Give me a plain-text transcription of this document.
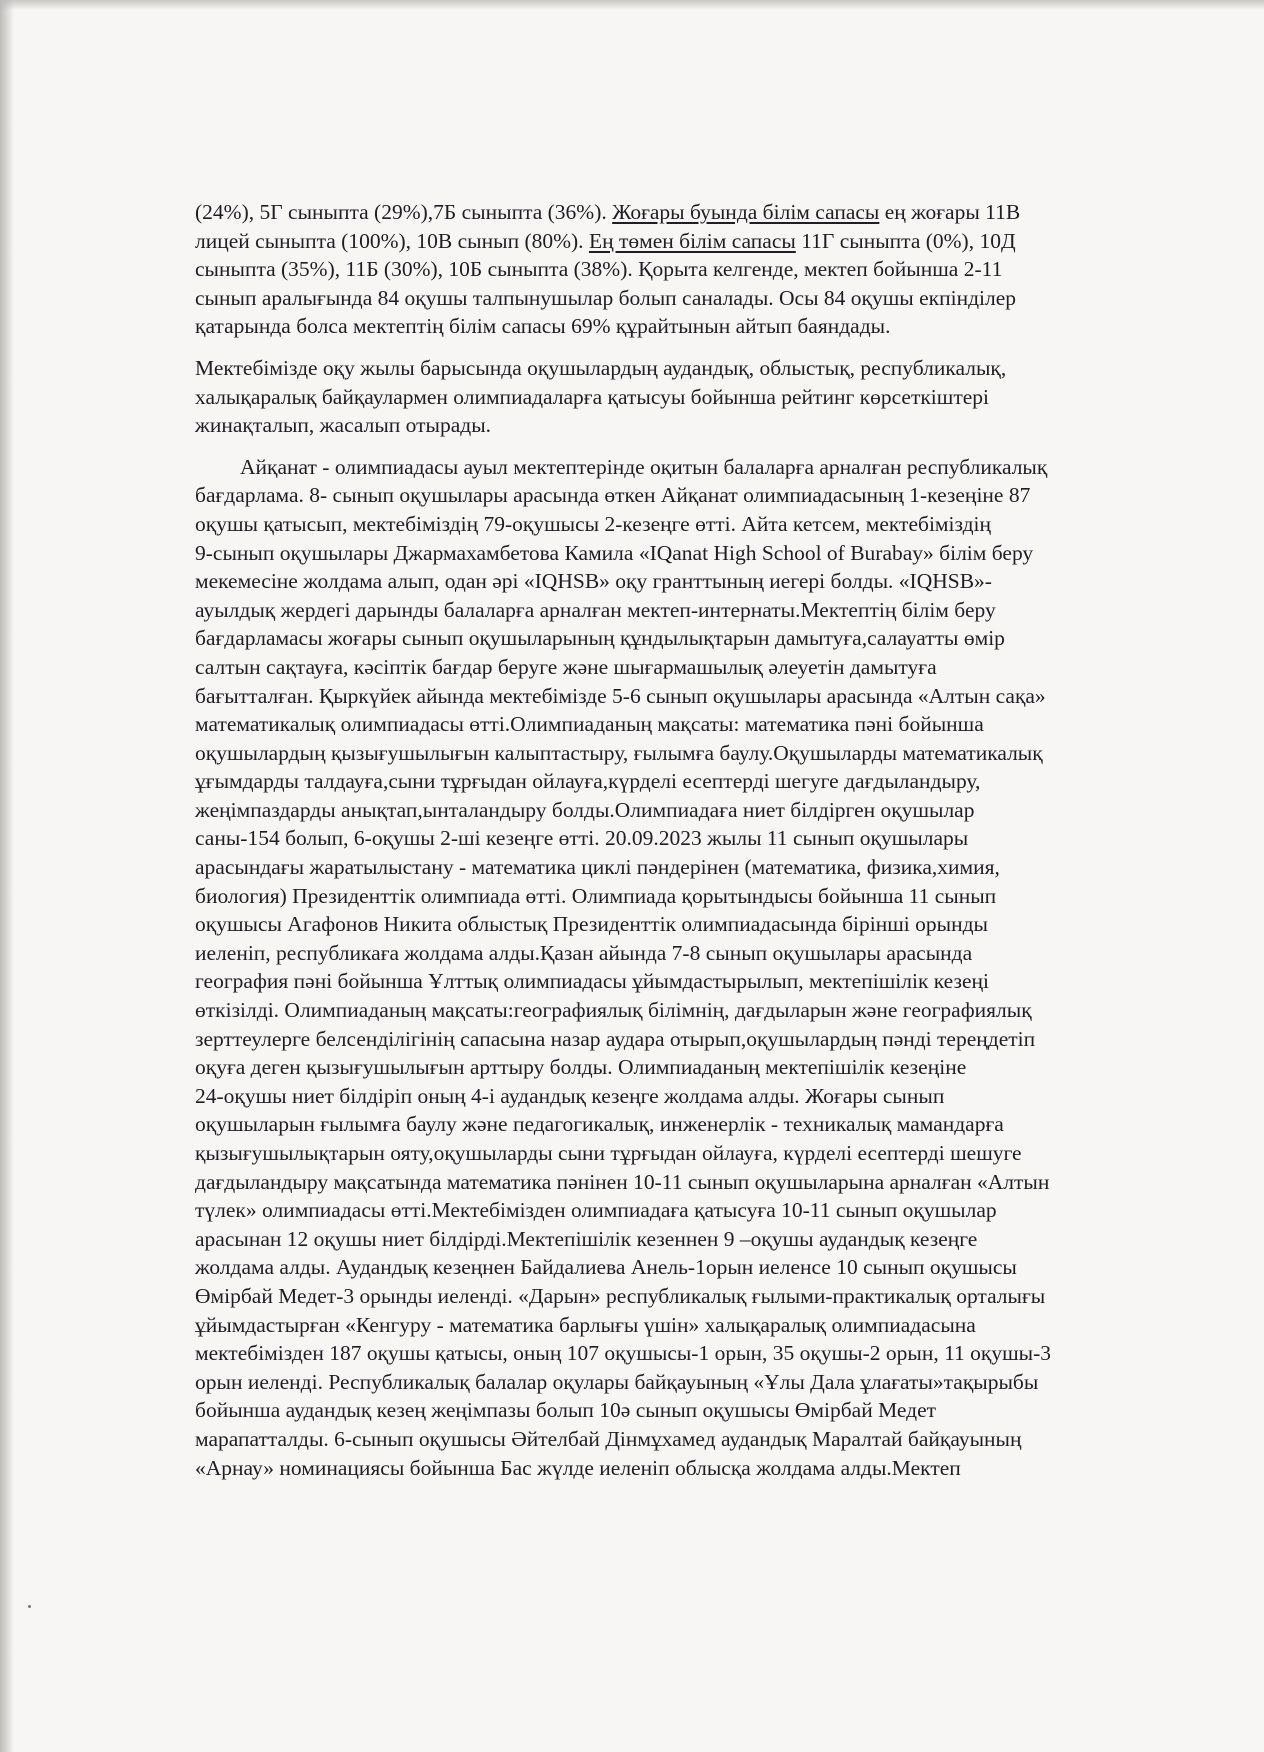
(24%), 5Г сыныпта (29%),7Б сыныпта (36%). Жоғары буында білім сапасы ең жоғары 11В
лицей сыныпта (100%), 10В сынып (80%). Ең төмен білім сапасы 11Г сыныпта (0%), 10Д
сыныпта (35%), 11Б (30%), 10Б сыныпта (38%). Қорыта келгенде, мектеп бойынша 2-11
сынып аралығында 84 оқушы талпынушылар болып саналады. Осы 84 оқушы екпінділер
қатарында болса мектептің білім сапасы 69% құрайтынын айтып баяндады.

Мектебімізде оқу жылы барысында оқушылардың аудандық, облыстық, республикалық,
халықаралық байқаулармен олимпиадаларға қатысуы бойынша рейтинг көрсеткіштері
жинақталып, жасалып отырады.

Айқанат - олимпиадасы ауыл мектептерінде оқитын балаларға арналған республикалық
бағдарлама. 8- сынып оқушылары арасында өткен Айқанат олимпиадасының 1-кезеңіне 87
оқушы қатысып, мектебіміздің 79-оқушысы 2-кезеңге өтті. Айта кетсем, мектебіміздің
9-сынып оқушылары Джармахамбетова Камила «IQanat High School of Burabay» білім беру
мекемесіне жолдама алып, одан әрі «IQHSB» оқу гранттының иегері болды. «IQHSB»-
ауылдық жердегі дарынды балаларға арналған мектеп-интернаты.Мектептің білім беру
бағдарламасы жоғары сынып оқушыларының құндылықтарын дамытуға,салауатты өмір
салтын сақтауға, кәсіптік бағдар беруге және шығармашылық әлеуетін дамытуға
бағытталған. Қыркүйек айында мектебімізде 5-6 сынып оқушылары арасында «Алтын сақа»
математикалық олимпиадасы өтті.Олимпиаданың мақсаты: математика пәні бойынша
оқушылардың қызығушылығын калыптастыру, ғылымға баулу.Оқушыларды математикалық
ұғымдарды талдауға,сыни тұрғыдан ойлауға,күрделі есептерді шегуге дағдыландыру,
жеңімпаздарды анықтап,ынталандыру болды.Олимпиадаға ниет білдірген оқушылар
саны-154 болып, 6-оқушы 2-ші кезеңге өтті. 20.09.2023 жылы 11 сынып оқушылары
арасындағы жаратылыстану - математика циклі пәндерінен (математика, физика,химия,
биология) Президенттік олимпиада өтті. Олимпиада қорытындысы бойынша 11 сынып
оқушысы Агафонов Никита облыстық Президенттік олимпиадасында бірінші орынды
иеленіп, республикаға жолдама алды.Қазан айында 7-8 сынып оқушылары арасында
география пәні бойынша Ұлттық олимпиадасы ұйымдастырылып, мектепішілік кезеңі
өткізілді. Олимпиаданың мақсаты:географиялық білімнің, дағдыларын және географиялық
зерттеулерге белсенділігінің сапасына назар аудара отырып,оқушылардың пәнді тереңдетіп
оқуға деген қызығушылығын арттыру болды. Олимпиаданың мектепішілік кезеңіне
24-оқушы ниет білдіріп оның 4-і аудандық кезеңге жолдама алды. Жоғары сынып
оқушыларын ғылымға баулу және педагогикалық, инженерлік - техникалық мамандарға
қызығушылықтарын ояту,оқушыларды сыни тұрғыдан ойлауға, күрделі есептерді шешуге
дағдыландыру мақсатында математика пәнінен 10-11 сынып оқушыларына арналған «Алтын
түлек» олимпиадасы өтті.Мектебімізден олимпиадаға қатысуға 10-11 сынып оқушылар
арасынан 12 оқушы ниет білдірді.Мектепішілік кезеннен 9 –оқушы аудандық кезеңге
жолдама алды. Аудандық кезеңнен Байдалиева Анель-1орын иеленсе 10 сынып оқушысы
Өмірбай Медет-3 орынды иеленді. «Дарын» республикалық ғылыми-практикалық орталығы
ұйымдастырған «Кенгуру - математика барлығы үшін» халықаралық олимпиадасына
мектебімізден 187 оқушы қатысы, оның 107 оқушысы-1 орын, 35 оқушы-2 орын, 11 оқушы-3
орын иеленді. Республикалық балалар оқулары байқауының «Ұлы Дала ұлағаты»тақырыбы
бойынша аудандық кезең жеңімпазы болып 10ә сынып оқушысы Өмірбай Медет
марапатталды. 6-сынып оқушысы Әйтелбай Дінмұхамед аудандық Маралтай байқауының
«Арнау» номинациясы бойынша Бас жүлде иеленіп облысқа жолдама алды.Мектеп
